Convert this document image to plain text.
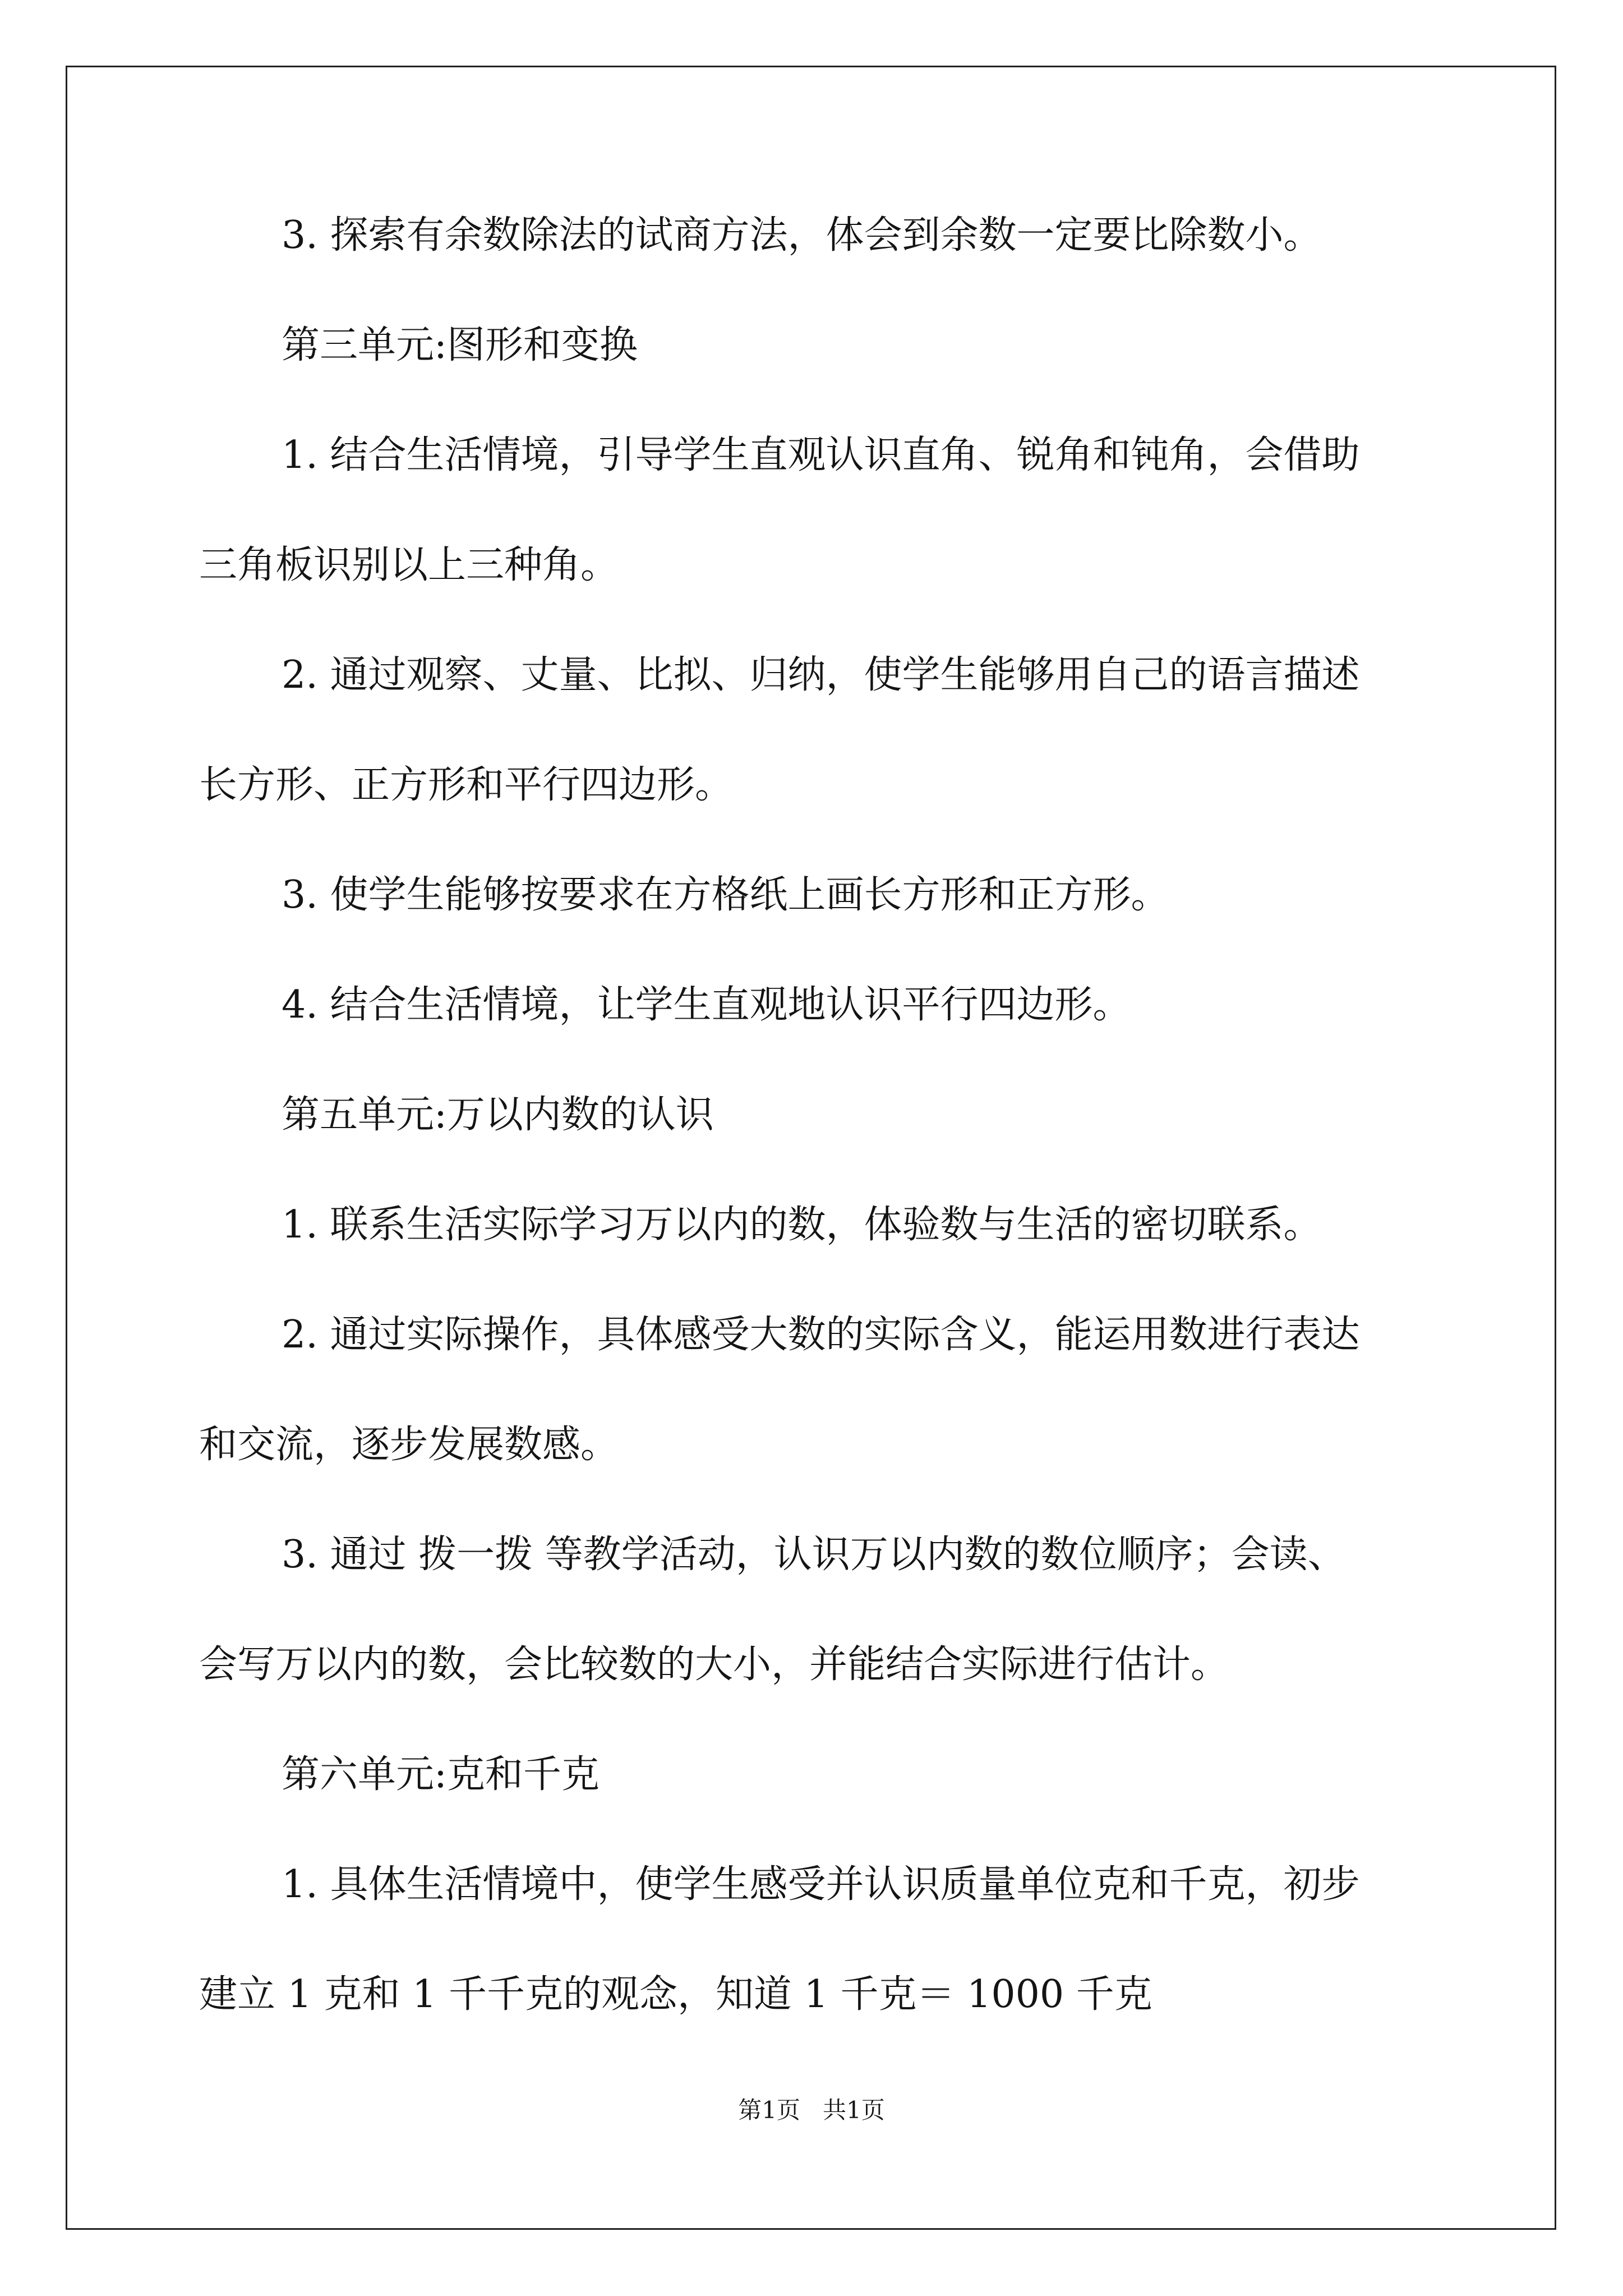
3. 探索有余数除法的试商方法，体会到余数一定要比除数小。

第三单元:图形和变换

1. 结合生活情境，引导学生直观认识直角、锐角和钝角，会借助

三角板识别以上三种角。

2. 通过观察、丈量、比拟、归纳，使学生能够用自己的语言描述

长方形、正方形和平行四边形。

3. 使学生能够按要求在方格纸上画长方形和正方形。

4. 结合生活情境，让学生直观地认识平行四边形。

第五单元:万以内数的认识

1. 联系生活实际学习万以内的数，体验数与生活的密切联系。

2. 通过实际操作，具体感受大数的实际含义，能运用数进行表达

和交流，逐步发展数感。

3. 通过 拨一拨 等教学活动，认识万以内数的数位顺序；会读、

会写万以内的数，会比较数的大小，并能结合实际进行估计。

第六单元:克和千克

1. 具体生活情境中，使学生感受并认识质量单位克和千克，初步

建立 1 克和 1 千千克的观念，知道 1 千克＝ 1000 千克

第1页   共1页
